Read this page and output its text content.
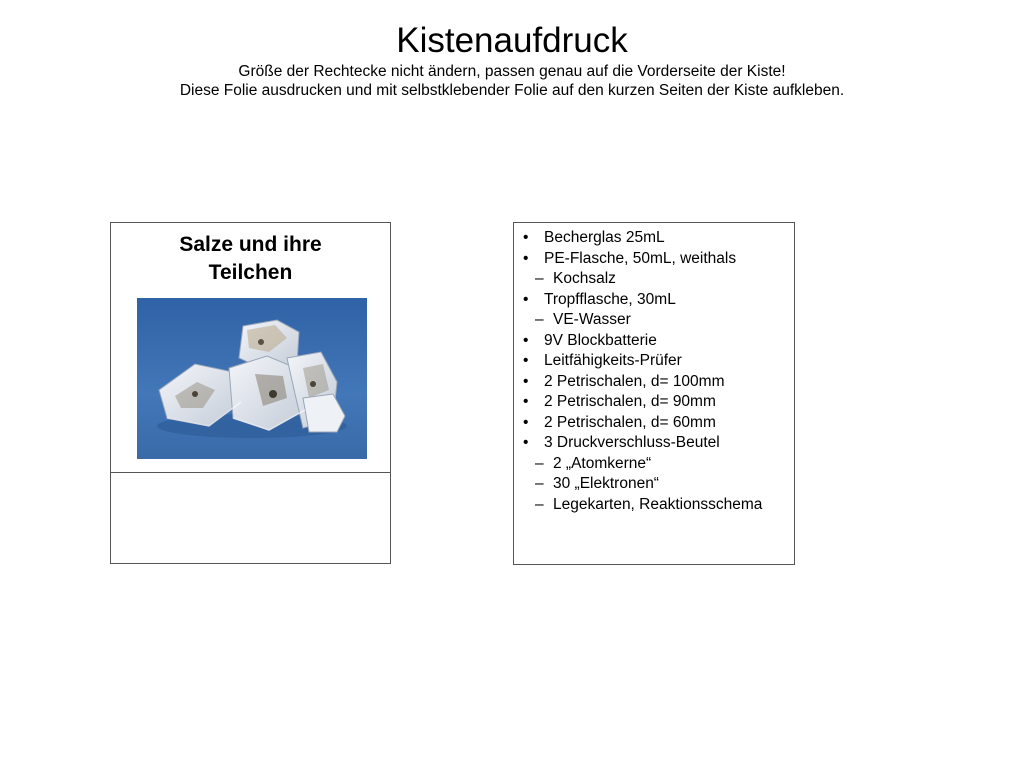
Kistenaufdruck

Größe der Rechtecke nicht ändern, passen genau auf die Vorderseite der Kiste!

Diese Folie ausdrucken und mit selbstklebender Folie auf den kurzen Seiten der Kiste aufkleben.

Salze und ihre
Teilchen
• Becherglas 25mL
• PE-Flasche, 50mL, weithals
– Kochsalz
• Tropfflasche, 30mL
– VE-Wasser
• 9V Blockbatterie
• Leitfähigkeits-Prüfer
• 2 Petrischalen, d= 100mm
• 2 Petrischalen, d= 90mm
• 2 Petrischalen, d= 60mm
• 3 Druckverschluss-Beutel
– 2 „Atomkerne“
– 30 „Elektronen“
– Legekarten, Reaktionsschema
